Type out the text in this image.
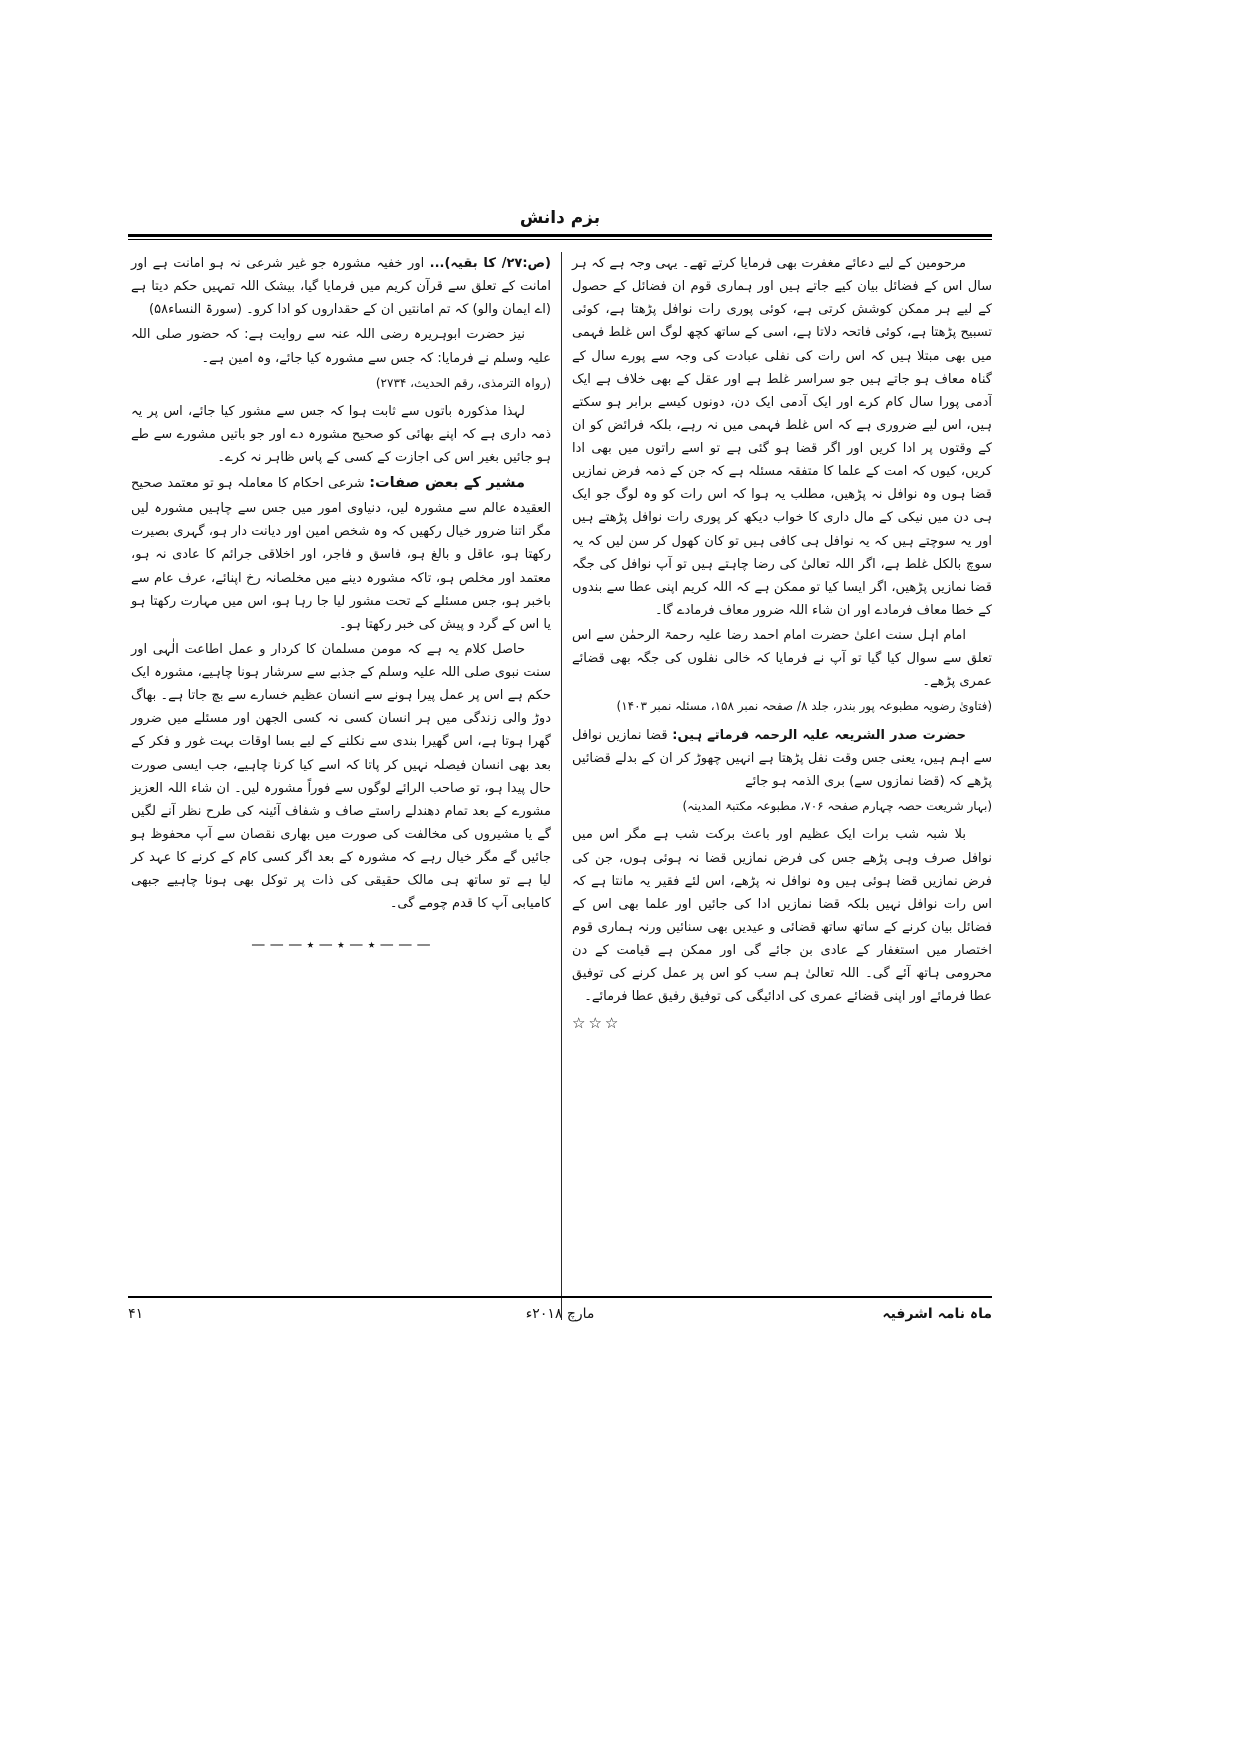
بزم دانش

مرحومین کے لیے دعائے مغفرت بھی فرمایا کرتے تھے۔ یہی وجہ ہے کہ ہر سال اس کے فضائل بیان کیے جاتے ہیں اور ہماری قوم ان فضائل کے حصول کے لیے ہر ممکن کوشش کرتی ہے، کوئی پوری رات نوافل پڑھتا ہے، کوئی تسبیح پڑھتا ہے، کوئی فاتحہ دلاتا ہے، اسی کے ساتھ کچھ لوگ اس غلط فہمی میں بھی مبتلا ہیں کہ اس رات کی نفلی عبادت کی وجہ سے پورے سال کے گناہ معاف ہو جاتے ہیں جو سراسر غلط ہے اور عقل کے بھی خلاف ہے ایک آدمی پورا سال کام کرے اور ایک آدمی ایک دن، دونوں کیسے برابر ہو سکتے ہیں، اس لیے ضروری ہے کہ اس غلط فہمی میں نہ رہے، بلکہ فرائض کو ان کے وقتوں پر ادا کریں اور اگر قضا ہو گئی ہے تو اسے راتوں میں بھی ادا کریں، کیوں کہ امت کے علما کا متفقہ مسئلہ ہے کہ جن کے ذمہ فرض نمازیں قضا ہوں وہ نوافل نہ پڑھیں، مطلب یہ ہوا کہ اس رات کو وہ لوگ جو ایک ہی دن میں نیکی کے مال داری کا خواب دیکھ کر پوری رات نوافل پڑھتے ہیں اور یہ سوچتے ہیں کہ یہ نوافل ہی کافی ہیں تو کان کھول کر سن لیں کہ یہ سوچ بالکل غلط ہے، اگر اللہ تعالیٰ کی رضا چاہتے ہیں تو آپ نوافل کی جگہ قضا نمازیں پڑھیں، اگر ایسا کیا تو ممکن ہے کہ اللہ کریم اپنی عطا سے بندوں کے خطا معاف فرمادے اور ان شاء اللہ ضرور معاف فرمادے گا۔

امام اہل سنت اعلیٰ حضرت امام احمد رضا علیہ رحمۃ الرحمٰن سے اس تعلق سے سوال کیا گیا تو آپ نے فرمایا کہ خالی نفلوں کی جگہ بھی قضائے عمری پڑھے۔

(فتاویٰ رضویہ مطبوعہ پور بندر، جلد ۸/ صفحہ نمبر ۱۵۸، مسئلہ نمبر ۱۴۰۳)

حضرت صدر الشریعہ علیہ الرحمہ فرماتے ہیں: قضا نمازیں نوافل سے اہم ہیں، یعنی جس وقت نفل پڑھتا ہے انہیں چھوڑ کر ان کے بدلے قضائیں پڑھے کہ (قضا نمازوں سے) بری الذمہ ہو جائے

(بہار شریعت حصہ چہارم صفحہ ۷۰۶، مطبوعہ مکتبۃ المدینہ)

بلا شبہ شب برات ایک عظیم اور باعث برکت شب ہے مگر اس میں نوافل صرف وہی پڑھے جس کی فرض نمازیں قضا نہ ہوئی ہوں، جن کی فرض نمازیں قضا ہوئی ہیں وہ نوافل نہ پڑھے، اس لئے فقیر یہ مانتا ہے کہ اس رات نوافل نہیں بلکہ قضا نمازیں ادا کی جائیں اور علما بھی اس کے فضائل بیان کرنے کے ساتھ ساتھ قضائی و عیدیں بھی سنائیں ورنہ ہماری قوم اختصار میں استغفار کے عادی بن جائے گی اور ممکن ہے قیامت کے دن محرومی ہاتھ آئے گی۔ اللہ تعالیٰ ہم سب کو اس پر عمل کرنے کی توفیق عطا فرمائے اور اپنی قضائے عمری کی ادائیگی کی توفیق رفیق عطا فرمائے۔

☆☆☆

(ص:۲۷/ کا بقیہ)... اور خفیہ مشورہ جو غیر شرعی نہ ہو امانت ہے اور امانت کے تعلق سے قرآن کریم میں فرمایا گیا، بیشک اللہ تمہیں حکم دیتا ہے (اے ایمان والو) کہ تم امانتیں ان کے حقداروں کو ادا کرو۔ (سورۃ النساء۵۸)

نیز حضرت ابوہریرہ رضی اللہ عنہ سے روایت ہے: کہ حضور صلی اللہ علیہ وسلم نے فرمایا: کہ جس سے مشورہ کیا جائے، وہ امین ہے۔

(رواہ الترمذی، رقم الحدیث، ۲۷۳۴)

لہذا مذکورہ باتوں سے ثابت ہوا کہ جس سے مشور کیا جائے، اس پر یہ ذمہ داری ہے کہ اپنے بھائی کو صحیح مشورہ دے اور جو باتیں مشورے سے طے ہو جائیں بغیر اس کی اجازت کے کسی کے پاس ظاہر نہ کرے۔

مشیر کے بعض صفات: شرعی احکام کا معاملہ ہو تو معتمد صحیح العقیدہ عالم سے مشورہ لیں، دنیاوی امور میں جس سے چاہیں مشورہ لیں مگر اتنا ضرور خیال رکھیں کہ وہ شخص امین اور دیانت دار ہو، گہری بصیرت رکھتا ہو، عاقل و بالغ ہو، فاسق و فاجر، اور اخلاقی جرائم کا عادی نہ ہو، معتمد اور مخلص ہو، تاکہ مشورہ دینے میں مخلصانہ رخ اپنائے، عرف عام سے باخبر ہو، جس مسئلے کے تحت مشور لیا جا رہا ہو، اس میں مہارت رکھتا ہو یا اس کے گرد و پیش کی خبر رکھتا ہو۔

حاصل کلام یہ ہے کہ مومن مسلمان کا کردار و عمل اطاعت الٰہی اور سنت نبوی صلی اللہ علیہ وسلم کے جذبے سے سرشار ہونا چاہیے، مشورہ ایک حکم ہے اس پر عمل پیرا ہونے سے انسان عظیم خسارے سے بچ جاتا ہے۔ بھاگ دوڑ والی زندگی میں ہر انسان کسی نہ کسی الجھن اور مسئلے میں ضرور گھرا ہوتا ہے، اس گھیرا بندی سے نکلنے کے لیے بسا اوقات بہت غور و فکر کے بعد بھی انسان فیصلہ نہیں کر پاتا کہ اسے کیا کرنا چاہیے، جب ایسی صورت حال پیدا ہو، تو صاحب الرائے لوگوں سے فوراً مشورہ لیں۔ ان شاء اللہ العزیز مشورے کے بعد تمام دھندلے راستے صاف و شفاف آئینہ کی طرح نظر آنے لگیں گے یا مشیروں کی مخالفت کی صورت میں بھاری نقصان سے آپ محفوظ ہو جائیں گے مگر خیال رہے کہ مشورہ کے بعد اگر کسی کام کے کرنے کا عہد کر لیا ہے تو ساتھ ہی مالک حقیقی کی ذات پر توکل بھی ہونا چاہیے جبھی کامیابی آپ کا قدم چومے گی۔

— — — ٭ — ٭ — ٭ — — —

ماہ نامہ اشرفیہ
مارچ ۲۰۱۸ء
۴۱
